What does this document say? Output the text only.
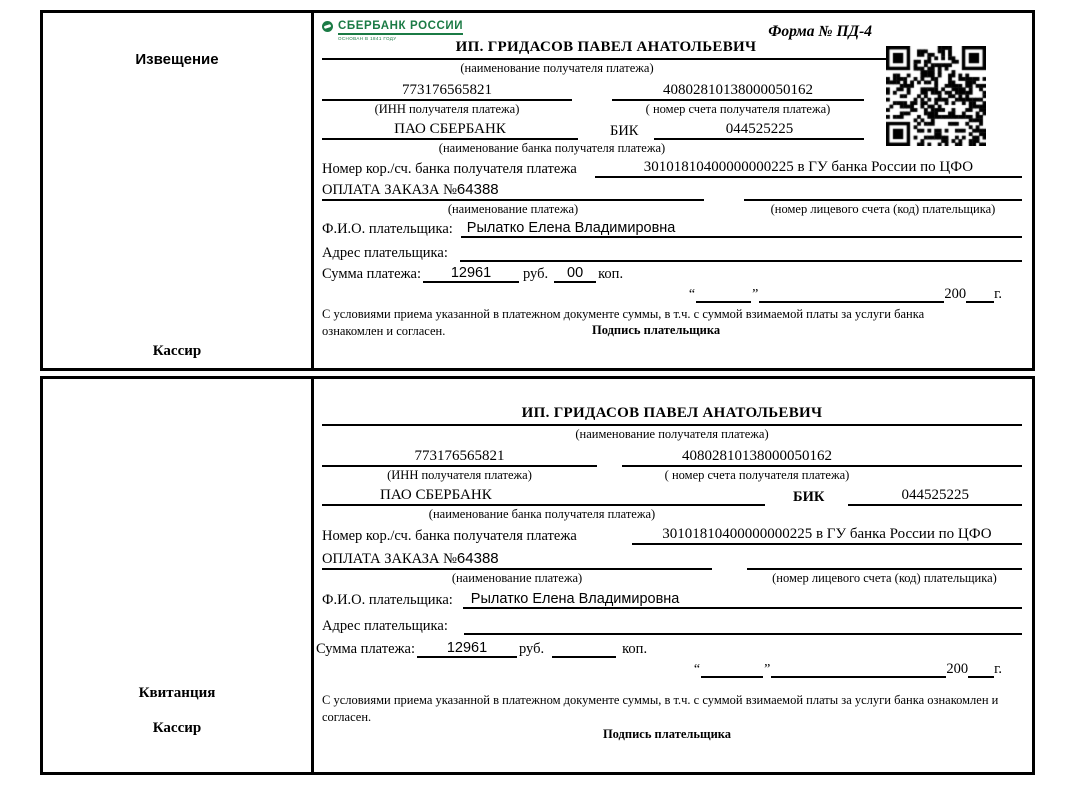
Извещение
Кассир
СБЕРБАНК РОССИИ
ОСНОВАН В 1841 ГОДУ	Форма № ПД-4
ИП. ГРИДАСОВ ПАВЕЛ АНАТОЛЬЕВИЧ
(наименование получателя платежа)
773176565821	40802810138000050162
(ИНН получателя платежа)	( номер счета получателя платежа)
ПАО СБЕРБАНК	БИК	044525225
(наименование банка получателя платежа)
Номер кор./сч. банка получателя платежа	30101810400000000225 в ГУ банка России по ЦФО
ОПЛАТА ЗАКАЗА №64388
(наименование платежа)	(номер лицевого счета (код) плательщика)
Ф.И.О. плательщика: Рылатко Елена Владимировна
Адрес плательщика:
Сумма платежа:	12961	руб.	00	коп.
“	”	200 г.
С условиями приема указанной в платежном документе суммы, в т.ч. с суммой взимаемой платы за услуги банка ознакомлен и согласен.	Подпись плательщика
Квитанция
Кассир
ИП. ГРИДАСОВ ПАВЕЛ АНАТОЛЬЕВИЧ
(наименование получателя платежа)
773176565821	40802810138000050162
(ИНН получателя платежа)	( номер счета получателя платежа)
ПАО СБЕРБАНК	БИК	044525225
(наименование банка получателя платежа)
Номер кор./сч. банка получателя платежа	30101810400000000225 в ГУ банка России по ЦФО
ОПЛАТА ЗАКАЗА №64388
(наименование платежа)	(номер лицевого счета (код) плательщика)
Ф.И.О. плательщика:	Рылатко Елена Владимировна
Адрес плательщика:
Сумма платежа:	12961	руб.	коп.
“	”	200 г.
С условиями приема указанной в платежном документе суммы, в т.ч. с суммой взимаемой платы за услуги банка ознакомлен и согласен.
Подпись плательщика
